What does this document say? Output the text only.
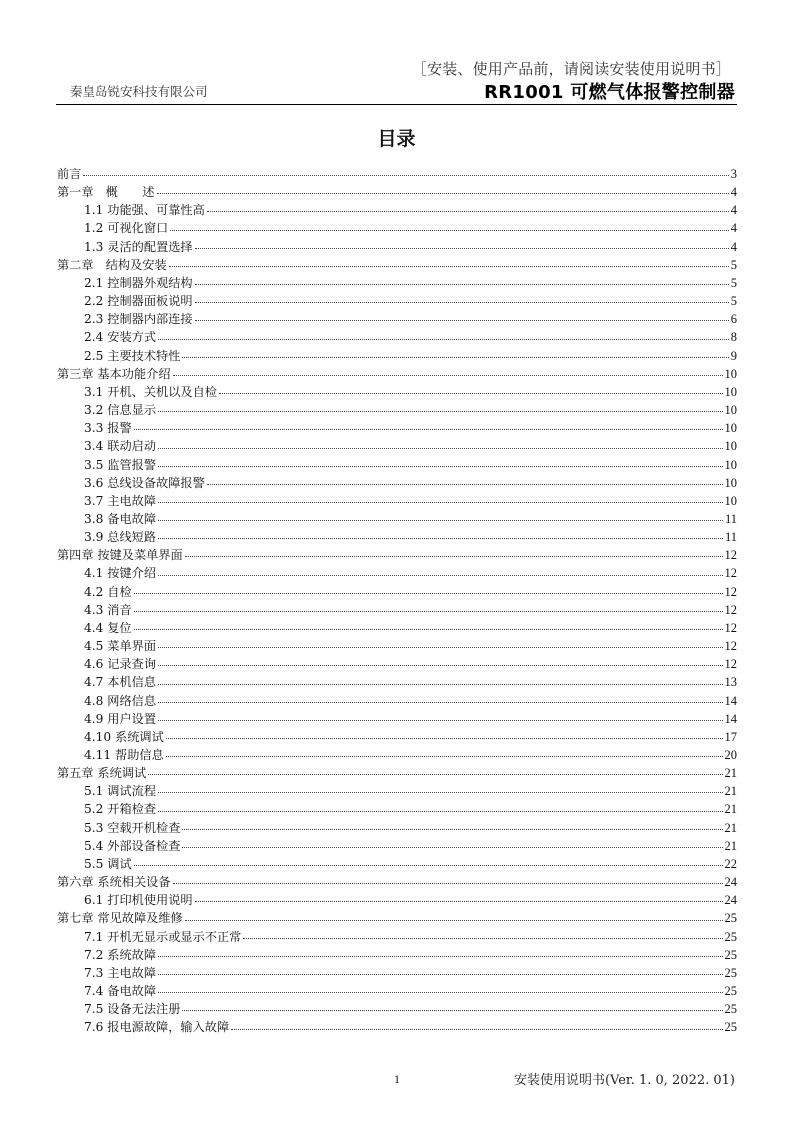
［安装、使用产品前，请阅读安装使用说明书］
秦皇岛锐安科技有限公司	RR1001 可燃气体报警控制器
目录
前言	3
第一章　概　　述	4
1.1 功能强、可靠性高	4
1.2 可视化窗口	4
1.3 灵活的配置选择	4
第二章　结构及安装	5
2.1 控制器外观结构	5
2.2 控制器面板说明	5
2.3 控制器内部连接	6
2.4 安装方式	8
2.5 主要技术特性	9
第三章 基本功能介绍	10
3.1 开机、关机以及自检	10
3.2 信息显示	10
3.3 报警	10
3.4 联动启动	10
3.5 监管报警	10
3.6 总线设备故障报警	10
3.7 主电故障	10
3.8 备电故障	11
3.9 总线短路	11
第四章 按键及菜单界面	12
4.1 按键介绍	12
4.2 自检	12
4.3 消音	12
4.4 复位	12
4.5 菜单界面	12
4.6 记录查询	12
4.7 本机信息	13
4.8 网络信息	14
4.9 用户设置	14
4.10 系统调试	17
4.11 帮助信息	20
第五章 系统调试	21
5.1 调试流程	21
5.2 开箱检查	21
5.3 空载开机检查	21
5.4 外部设备检查	21
5.5 调试	22
第六章 系统相关设备	24
6.1 打印机使用说明	24
第七章 常见故障及维修	25
7.1 开机无显示或显示不正常	25
7.2 系统故障	25
7.3 主电故障	25
7.4 备电故障	25
7.5 设备无法注册	25
7.6 报电源故障，输入故障	25
1	安装使用说明书(Ver. 1. 0, 2022. 01)
